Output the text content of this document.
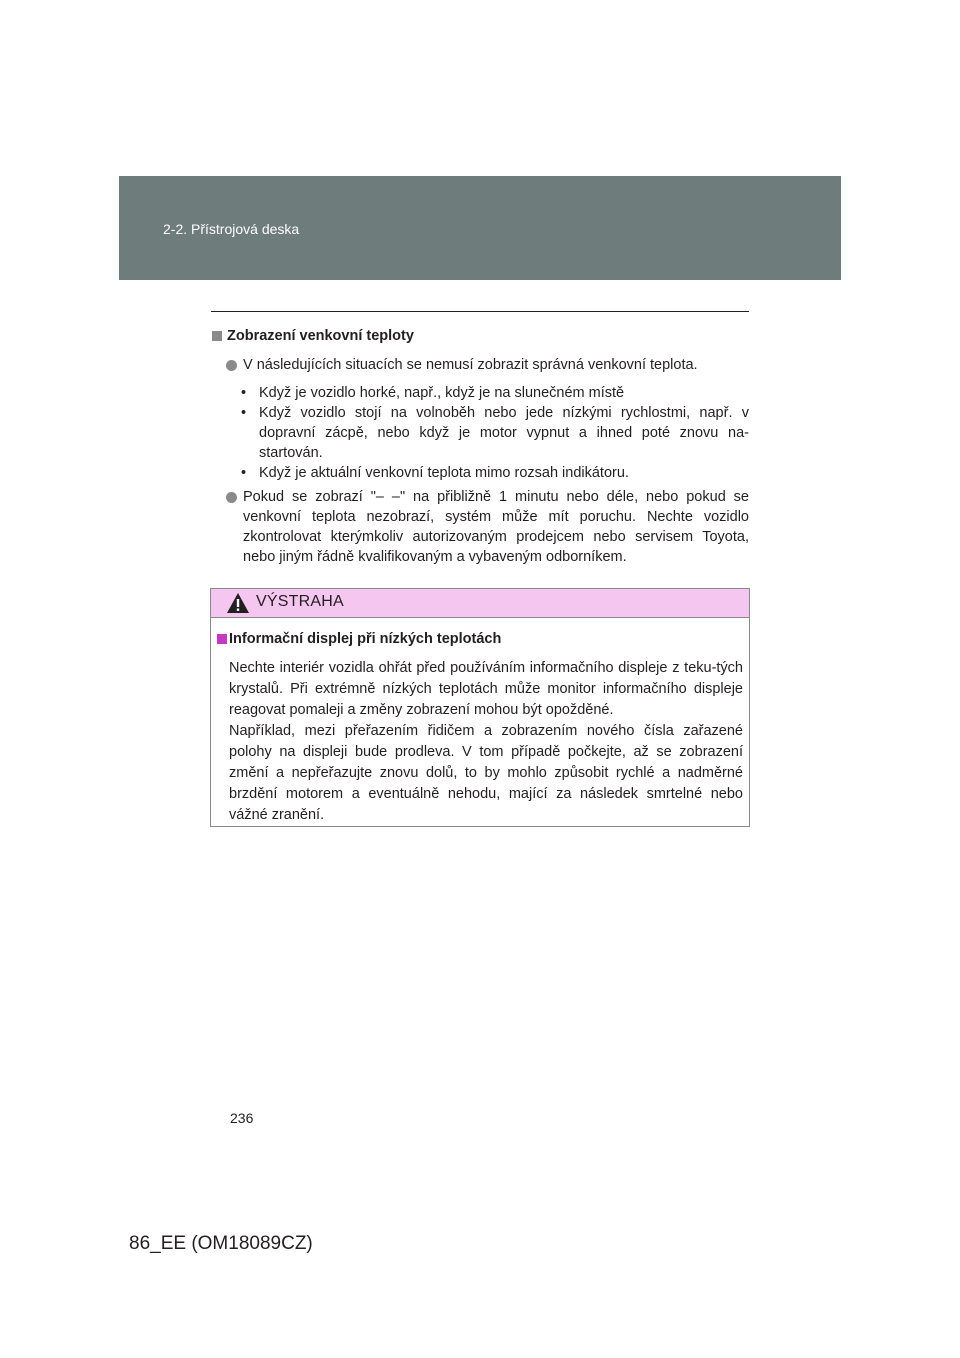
2-2. Přístrojová deska
Zobrazení venkovní teploty
V následujících situacích se nemusí zobrazit správná venkovní teplota.
• Když je vozidlo horké, např., když je na slunečném místě
• Když vozidlo stojí na volnoběh nebo jede nízkými rychlostmi, např. v dopravní zácpě, nebo když je motor vypnut a ihned poté znovu na-startován.
• Když je aktuální venkovní teplota mimo rozsah indikátoru.
Pokud se zobrazí "– –" na přibližně 1 minutu nebo déle, nebo pokud se venkovní teplota nezobrazí, systém může mít poruchu. Nechte vozidlo zkontrolovat kterýmkoliv autorizovaným prodejcem nebo servisem Toyota, nebo jiným řádně kvalifikovaným a vybaveným odborníkem.
VÝSTRAHA
Informační displej při nízkých teplotách
Nechte interiér vozidla ohřát před používáním informačního displeje z teku-tých krystalů. Při extrémně nízkých teplotách může monitor informačního displeje reagovat pomaleji a změny zobrazení mohou být opožděné.
Například, mezi přeřazením řidičem a zobrazením nového čísla zařazené polohy na displeji bude prodleva. V tom případě počkejte, až se zobrazení změní a nepřeřazujte znovu dolů, to by mohlo způsobit rychlé a nadměrné brzdění motorem a eventuálně nehodu, mající za následek smrtelné nebo vážné zranění.
236
86_EE (OM18089CZ)
